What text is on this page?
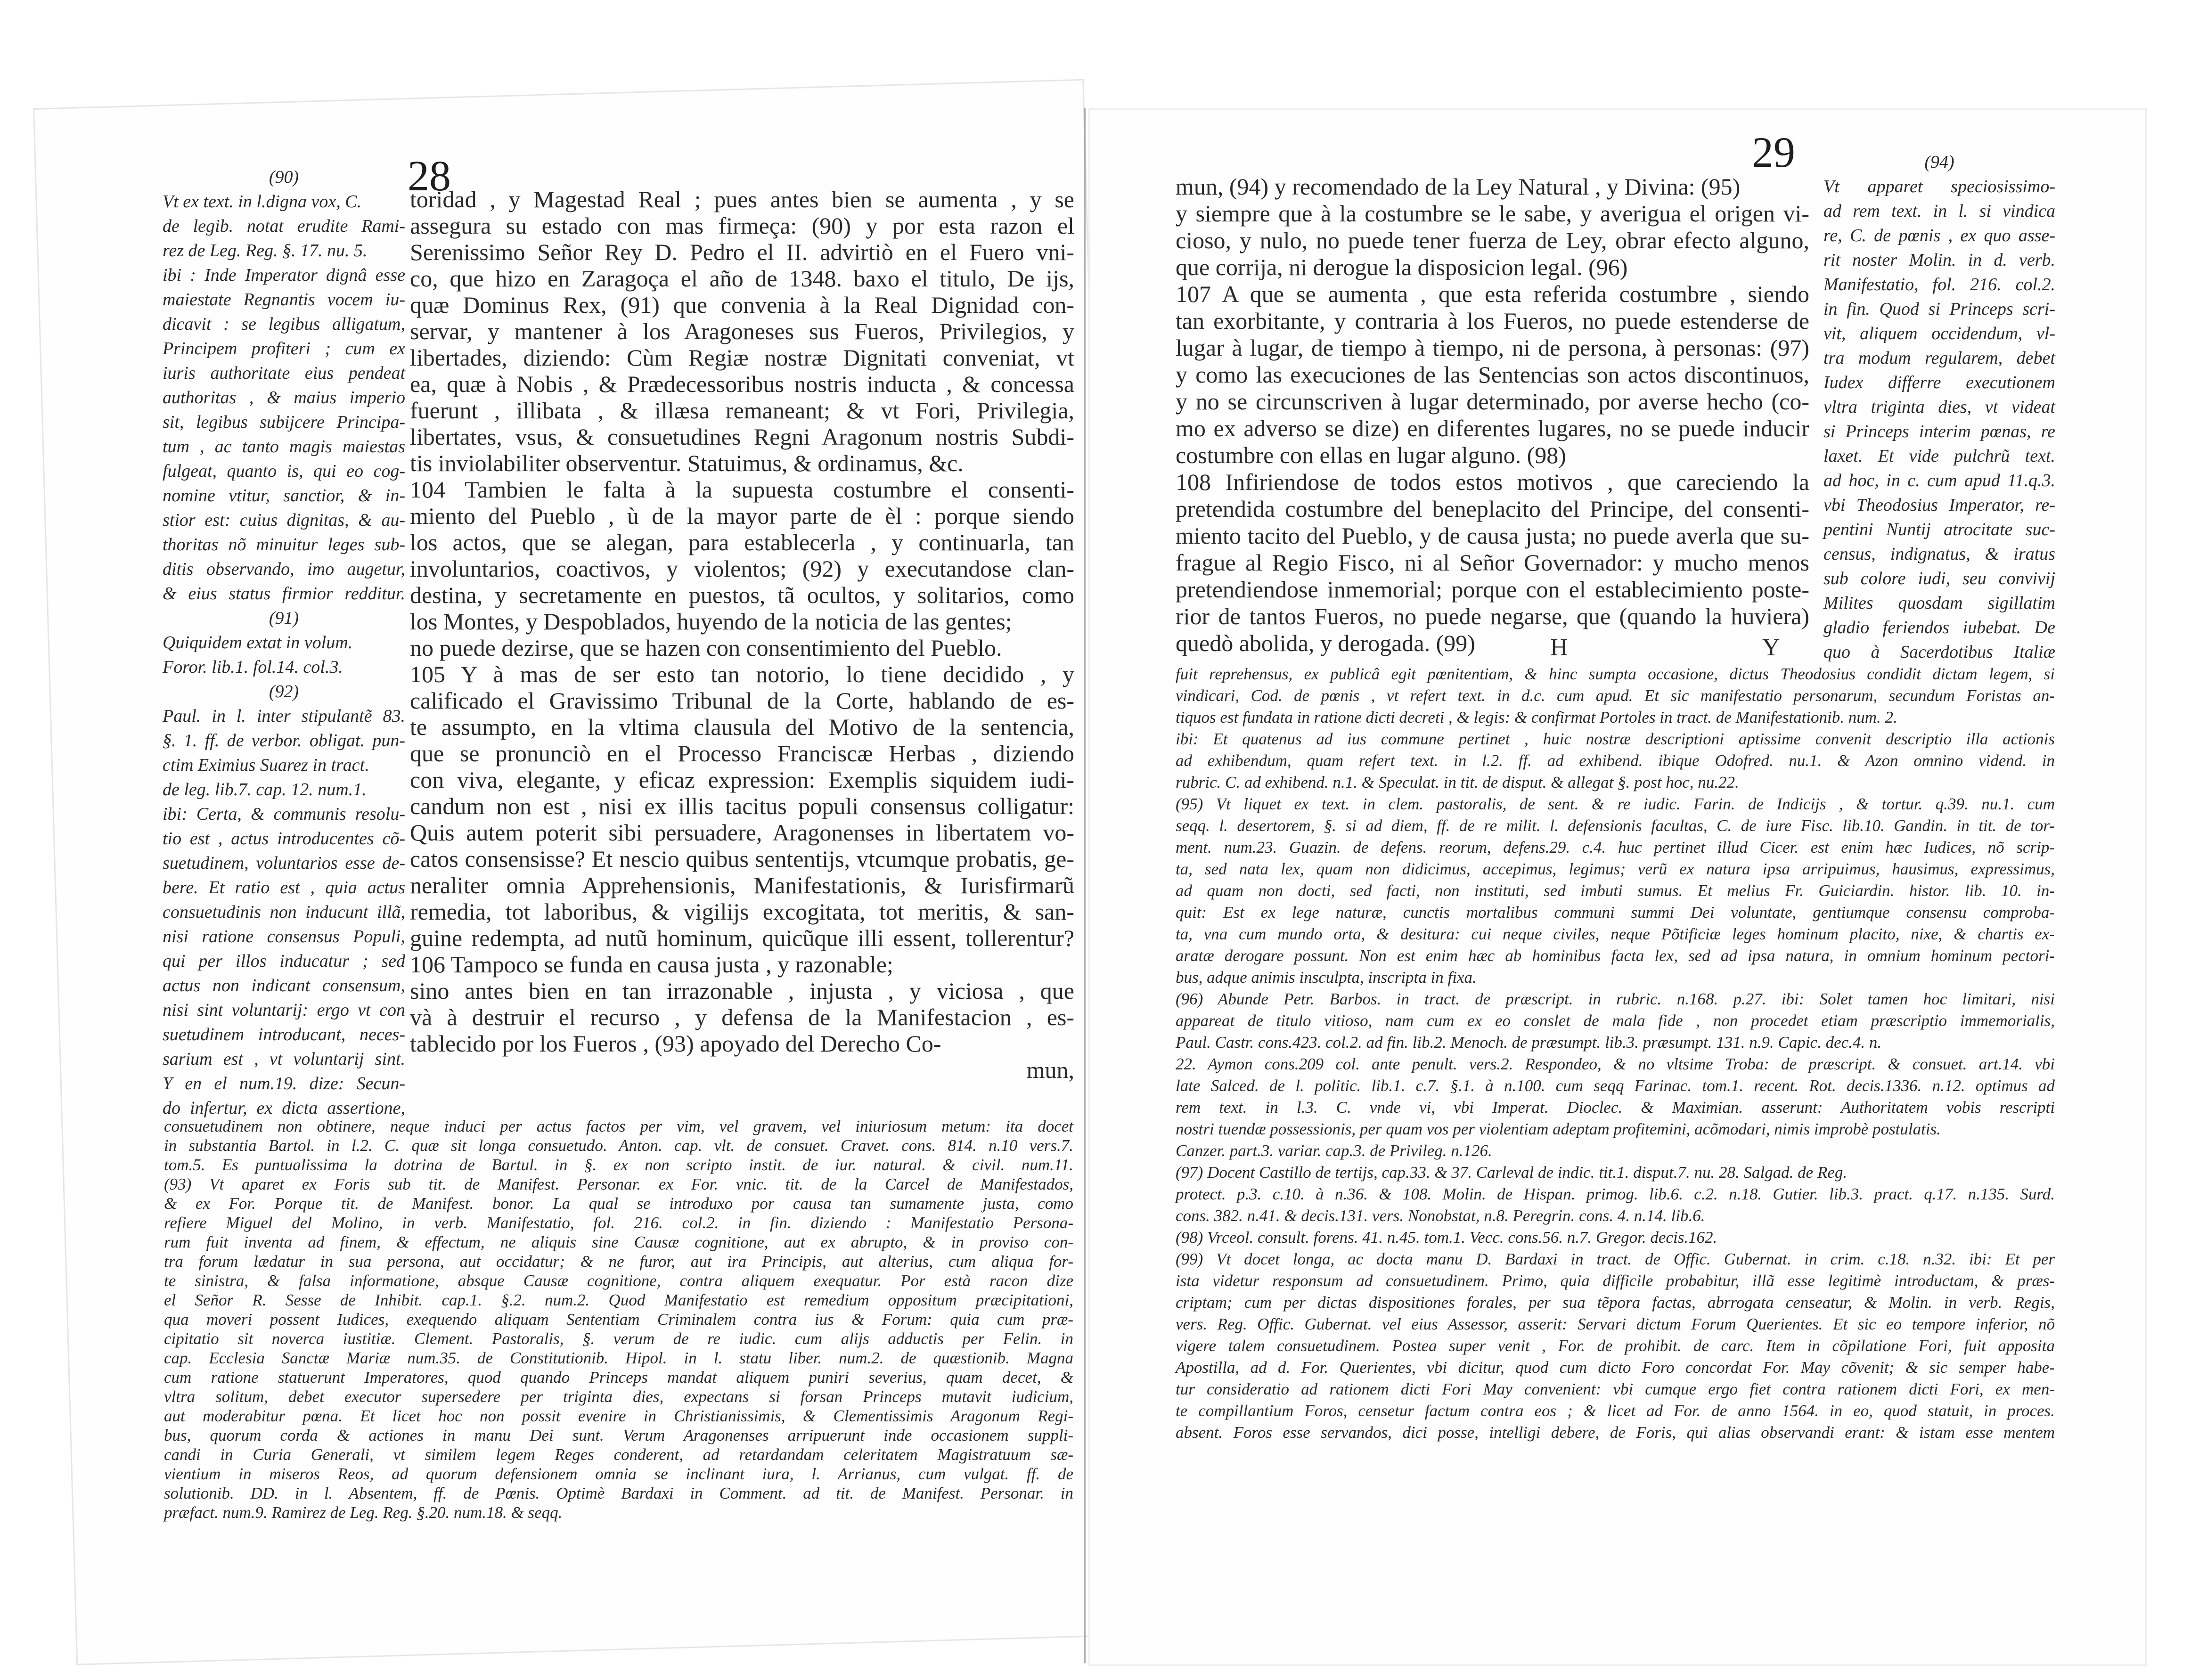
28	29
(90)
Vt ex text. in l.digna vox, C.
de legib. notat erudite Rami-
rez de Leg. Reg. §. 17. nu. 5.
ibi : Inde Imperator dignâ esse
maiestate Regnantis vocem iu-
dicavit : se legibus alligatum,
Principem profiteri ; cum ex
iuris authoritate eius pendeat
authoritas , & maius imperio
sit, legibus subijcere Principa-
tum , ac tanto magis maiestas
fulgeat, quanto is, qui eo cog-
nomine vtitur, sanctior, & in-
stior est: cuius dignitas, & au-
thoritas nõ minuitur leges sub-
ditis observando, imo augetur,
& eius status firmior redditur.
(91)
Quiquidem extat in volum.
Foror. lib.1. fol.14. col.3.
(92)
Paul. in l. inter stipulantẽ 83.
§. 1. ff. de verbor. obligat. pun-
ctim Eximius Suarez in tract.
de leg. lib.7. cap. 12. num.1.
ibi: Certa, & communis resolu-
tio est , actus introducentes cõ-
suetudinem, voluntarios esse de-
bere. Et ratio est , quia actus
consuetudinis non inducunt illã,
nisi ratione consensus Populi,
qui per illos inducatur ; sed
actus non indicant consensum,
nisi sint voluntarij: ergo vt con
suetudinem introducant, neces-
sarium est , vt voluntarij sint.
Y en el num.19. dize: Secun-
do infertur, ex dicta assertione,
toridad , y Magestad Real ; pues antes bien se aumenta , y se
assegura su estado con mas firmeça: (90) y por esta razon el
Serenissimo Señor Rey D. Pedro el II. advirtiò en el Fuero vni-
co, que hizo en Zaragoça el año de 1348. baxo el titulo, De ijs,
quæ Dominus Rex, (91) que convenia à la Real Dignidad con-
servar, y mantener à los Aragoneses sus Fueros, Privilegios, y
libertades, diziendo: Cùm Regiæ nostræ Dignitati conveniat, vt
ea, quæ à Nobis , & Prædecessoribus nostris inducta , & concessa
fuerunt , illibata , & illæsa remaneant; & vt Fori, Privilegia,
libertates, vsus, & consuetudines Regni Aragonum nostris Subdi-
tis inviolabiliter observentur. Statuimus, & ordinamus, &c.
104 Tambien le falta à la supuesta costumbre el consenti-
miento del Pueblo , ù de la mayor parte de èl : porque siendo
los actos, que se alegan, para establecerla , y continuarla, tan
involuntarios, coactivos, y violentos; (92) y executandose clan-
destina, y secretamente en puestos, tã ocultos, y solitarios, como
los Montes, y Despoblados, huyendo de la noticia de las gentes;
no puede dezirse, que se hazen con consentimiento del Pueblo.
105 Y à mas de ser esto tan notorio, lo tiene decidido , y
calificado el Gravissimo Tribunal de la Corte, hablando de es-
te assumpto, en la vltima clausula del Motivo de la sentencia,
que se pronunciò en el Processo Franciscæ Herbas , diziendo
con viva, elegante, y eficaz expression: Exemplis siquidem iudi-
candum non est , nisi ex illis tacitus populi consensus colligatur:
Quis autem poterit sibi persuadere, Aragonenses in libertatem vo-
catos consensisse? Et nescio quibus sententijs, vtcumque probatis, ge-
neraliter omnia Apprehensionis, Manifestationis, & Iurisfirmarũ
remedia, tot laboribus, & vigilijs excogitata, tot meritis, & san-
guine redempta, ad nutũ hominum, quicũque illi essent, tollerentur?
106 Tampoco se funda en causa justa , y razonable;
sino antes bien en tan irrazonable , injusta , y viciosa , que
và à destruir el recurso , y defensa de la Manifestacion , es-
tablecido por los Fueros , (93) apoyado del Derecho Co-
mun,
consuetudinem non obtinere, neque induci per actus factos per vim, vel gravem, vel iniuriosum metum: ita docet
in substantia Bartol. in l.2. C. quæ sit longa consuetudo. Anton. cap. vlt. de consuet. Cravet. cons. 814. n.10 vers.7.
tom.5. Es puntualissima la dotrina de Bartul. in §. ex non scripto instit. de iur. natural. & civil. num.11.
(93) Vt aparet ex Foris sub tit. de Manifest. Personar. ex For. vnic. tit. de la Carcel de Manifestados,
& ex For. Porque tit. de Manifest. bonor. La qual se introduxo por causa tan sumamente justa, como
refiere Miguel del Molino, in verb. Manifestatio, fol. 216. col.2. in fin. diziendo : Manifestatio Persona-
rum fuit inventa ad finem, & effectum, ne aliquis sine Causæ cognitione, aut ex abrupto, & in proviso con-
tra forum lædatur in sua persona, aut occidatur; & ne furor, aut ira Principis, aut alterius, cum aliqua for-
te sinistra, & falsa informatione, absque Causæ cognitione, contra aliquem exequatur. Por està racon dize
el Señor R. Sesse de Inhibit. cap.1. §.2. num.2. Quod Manifestatio est remedium oppositum præcipitationi,
qua moveri possent Iudices, exequendo aliquam Sententiam Criminalem contra ius & Forum: quia cum præ-
cipitatio sit noverca iustitiæ. Clement. Pastoralis, §. verum de re iudic. cum alijs adductis per Felin. in
cap. Ecclesia Sanctæ Mariæ num.35. de Constitutionib. Hipol. in l. statu liber. num.2. de quæstionib. Magna
cum ratione statuerunt Imperatores, quod quando Princeps mandat aliquem puniri severius, quam decet, &
vltra solitum, debet executor supersedere per triginta dies, expectans si forsan Princeps mutavit iudicium,
aut moderabitur pœna. Et licet hoc non possit evenire in Christianissimis, & Clementissimis Aragonum Regi-
bus, quorum corda & actiones in manu Dei sunt. Verum Aragonenses arripuerunt inde occasionem suppli-
candi in Curia Generali, vt similem legem Reges conderent, ad retardandam celeritatem Magistratuum sæ-
vientium in miseros Reos, ad quorum defensionem omnia se inclinant iura, l. Arrianus, cum vulgat. ff. de
solutionib. DD. in l. Absentem, ff. de Pœnis. Optimè Bardaxi in Comment. ad tit. de Manifest. Personar. in
præfact. num.9. Ramirez de Leg. Reg. §.20. num.18. & seqq.
mun, (94) y recomendado de la Ley Natural , y Divina: (95)
y siempre que à la costumbre se le sabe, y averigua el origen vi-
cioso, y nulo, no puede tener fuerza de Ley, obrar efecto alguno,
que corrija, ni derogue la disposicion legal. (96)
107 A que se aumenta , que esta referida costumbre , siendo
tan exorbitante, y contraria à los Fueros, no puede estenderse de
lugar à lugar, de tiempo à tiempo, ni de persona, à personas: (97)
y como las execuciones de las Sentencias son actos discontinuos,
y no se circunscriven à lugar determinado, por averse hecho (co-
mo ex adverso se dize) en diferentes lugares, no se puede inducir
costumbre con ellas en lugar alguno. (98)
108 Infiriendose de todos estos motivos , que careciendo la
pretendida costumbre del beneplacito del Principe, del consenti-
miento tacito del Pueblo, y de causa justa; no puede averla que su-
frague al Regio Fisco, ni al Señor Governador: y mucho menos
pretendiendose inmemorial; porque con el establecimiento poste-
rior de tantos Fueros, no puede negarse, que (quando la huviera)
quedò abolida, y derogada. (99)
(94)
Vt apparet speciosissimo-
ad rem text. in l. si vindica
re, C. de pœnis , ex quo asse-
rit noster Molin. in d. verb.
Manifestatio, fol. 216. col.2.
in fin. Quod si Princeps scri-
vit, aliquem occidendum, vl-
tra modum regularem, debet
Iudex differre executionem
vltra triginta dies, vt videat
si Princeps interim pœnas, re
laxet. Et vide pulchrũ text.
ad hoc, in c. cum apud 11.q.3.
vbi Theodosius Imperator, re-
pentini Nuntij atrocitate suc-
census, indignatus, & iratus
sub colore iudi, seu convivij
Milites quosdam sigillatim
gladio feriendos iubebat. De
quo à Sacerdotibus Italiæ
H	Y
fuit reprehensus, ex publicâ egit pœnitentiam, & hinc sumpta occasione, dictus Theodosius condidit dictam legem, si
vindicari, Cod. de pœnis , vt refert text. in d.c. cum apud. Et sic manifestatio personarum, secundum Foristas an-
tiquos est fundata in ratione dicti decreti , & legis: & confirmat Portoles in tract. de Manifestationib. num. 2.
ibi: Et quatenus ad ius commune pertinet , huic nostræ descriptioni aptissime convenit descriptio illa actionis
ad exhibendum, quam refert text. in l.2. ff. ad exhibend. ibique Odofred. nu.1. & Azon omnino vidend. in
rubric. C. ad exhibend. n.1. & Speculat. in tit. de disput. & allegat §. post hoc, nu.22.
(95) Vt liquet ex text. in clem. pastoralis, de sent. & re iudic. Farin. de Indicijs , & tortur. q.39. nu.1. cum
seqq. l. desertorem, §. si ad diem, ff. de re milit. l. defensionis facultas, C. de iure Fisc. lib.10. Gandin. in tit. de tor-
ment. num.23. Guazin. de defens. reorum, defens.29. c.4. huc pertinet illud Cicer. est enim hæc Iudices, nõ scrip-
ta, sed nata lex, quam non didicimus, accepimus, legimus; verũ ex natura ipsa arripuimus, hausimus, expressimus,
ad quam non docti, sed facti, non instituti, sed imbuti sumus. Et melius Fr. Guiciardin. histor. lib. 10. in-
quit: Est ex lege naturæ, cunctis mortalibus communi summi Dei voluntate, gentiumque consensu comproba-
ta, vna cum mundo orta, & desitura: cui neque civiles, neque Põtificiæ leges hominum placito, nixe, & chartis ex-
aratæ derogare possunt. Non est enim hæc ab hominibus facta lex, sed ad ipsa natura, in omnium hominum pectori-
bus, adque animis insculpta, inscripta in fixa.
(96) Abunde Petr. Barbos. in tract. de præscript. in rubric. n.168. p.27. ibi: Solet tamen hoc limitari, nisi
appareat de titulo vitioso, nam cum ex eo conslet de mala fide , non procedet etiam præscriptio immemorialis,
Paul. Castr. cons.423. col.2. ad fin. lib.2. Menoch. de præsumpt. lib.3. præsumpt. 131. n.9. Capic. dec.4. n.
22. Aymon cons.209 col. ante penult. vers.2. Respondeo, & no vltsime Troba: de præscript. & consuet. art.14. vbi
late Salced. de l. politic. lib.1. c.7. §.1. à n.100. cum seqq Farinac. tom.1. recent. Rot. decis.1336. n.12. optimus ad
rem text. in l.3. C. vnde vi, vbi Imperat. Dioclec. & Maximian. asserunt: Authoritatem vobis rescripti
nostri tuendæ possessionis, per quam vos per violentiam adeptam profitemini, acõmodari, nimis improbè postulatis.
Canzer. part.3. variar. cap.3. de Privileg. n.126.
(97) Docent Castillo de tertijs, cap.33. & 37. Carleval de indic. tit.1. disput.7. nu. 28. Salgad. de Reg.
protect. p.3. c.10. à n.36. & 108. Molin. de Hispan. primog. lib.6. c.2. n.18. Gutier. lib.3. pract. q.17. n.135. Surd.
cons. 382. n.41. & decis.131. vers. Nonobstat, n.8. Peregrin. cons. 4. n.14. lib.6.
(98) Vrceol. consult. forens. 41. n.45. tom.1. Vecc. cons.56. n.7. Gregor. decis.162.
(99) Vt docet longa, ac docta manu D. Bardaxi in tract. de Offic. Gubernat. in crim. c.18. n.32. ibi: Et per
ista videtur responsum ad consuetudinem. Primo, quia difficile probabitur, illã esse legitimè introductam, & præs-
criptam; cum per dictas dispositiones forales, per sua tẽpora factas, abrrogata censeatur, & Molin. in verb. Regis,
vers. Reg. Offic. Gubernat. vel eius Assessor, asserit: Servari dictum Forum Querientes. Et sic eo tempore inferior, nõ
vigere talem consuetudinem. Postea super venit , For. de prohibit. de carc. Item in cõpilatione Fori, fuit apposita
Apostilla, ad d. For. Querientes, vbi dicitur, quod cum dicto Foro concordat For. May cõvenit; & sic semper habe-
tur consideratio ad rationem dicti Fori May convenient: vbi cumque ergo fiet contra rationem dicti Fori, ex men-
te compillantium Foros, censetur factum contra eos ; & licet ad For. de anno 1564. in eo, quod statuit, in proces.
absent. Foros esse servandos, dici posse, intelligi debere, de Foris, qui alias observandi erant: & istam esse mentem
